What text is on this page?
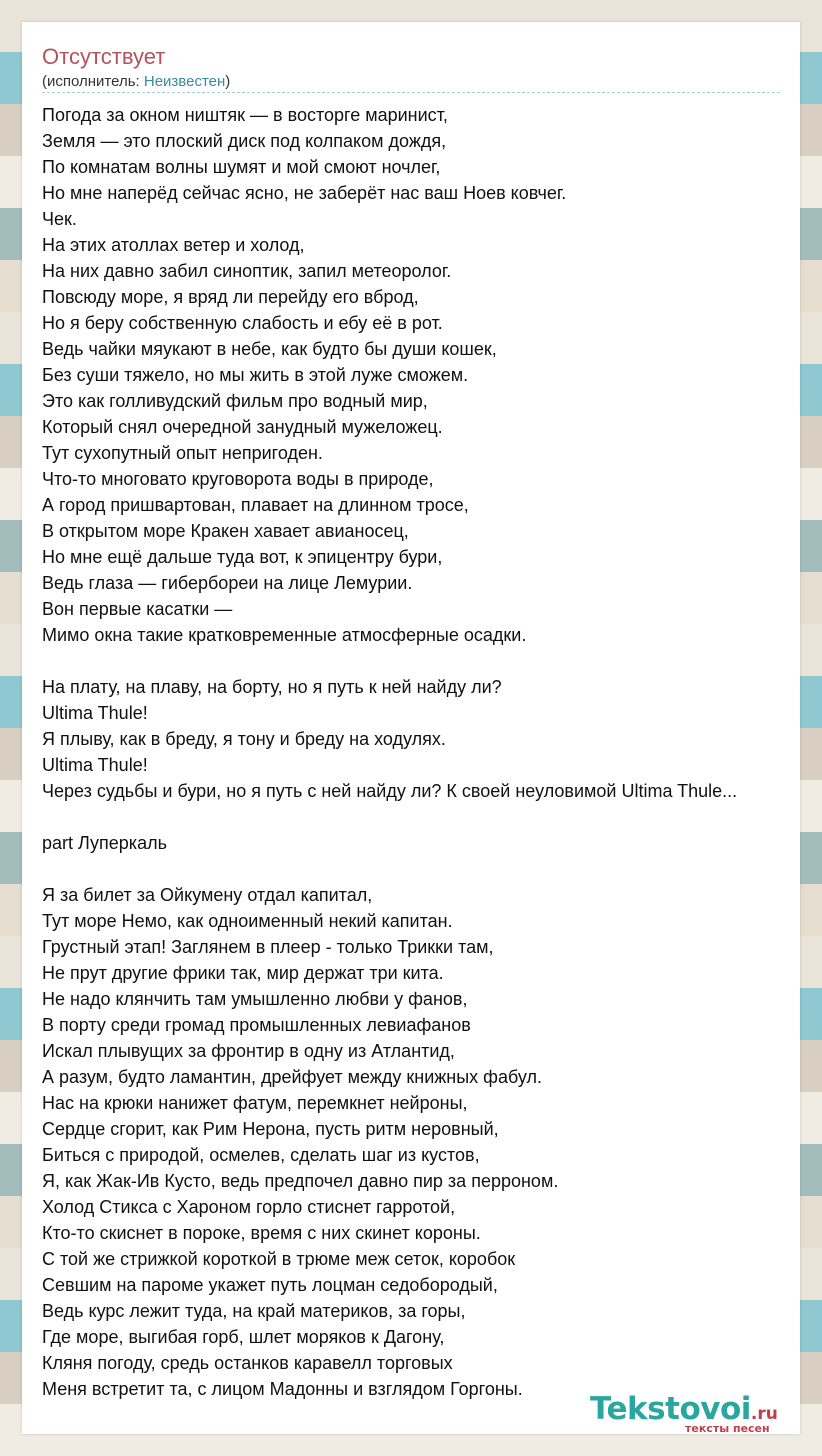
Отсутствует
(исполнитель: Неизвестен)
Погода за окном ништяк — в восторге маринист,
Земля — это плоский диск под колпаком дождя,
По комнатам волны шумят и мой смоют ночлег,
Но мне наперёд сейчас ясно, не заберёт нас ваш Ноев ковчег.
Чек.
На этих атоллах ветер и холод,
На них давно забил синоптик, запил метеоролог.
Повсюду море, я вряд ли перейду его вброд,
Но я беру собственную слабость и ебу её в рот.
Ведь чайки мяукают в небе, как будто бы души кошек,
Без суши тяжело, но мы жить в этой луже сможем.
Это как голливудский фильм про водный мир,
Который снял очередной занудный мужеложец.
Тут сухопутный опыт непригоден.
Что-то многовато круговорота воды в природе,
А город пришвартован, плавает на длинном тросе,
В открытом море Кракен хавает авианосец,
Но мне ещё дальше туда вот, к эпицентру бури,
Ведь глаза — гиберборeи на лице Лемурии.
Вон первые касатки —
Мимо окна такие кратковременные атмосферные осадки.
На плату, на плаву, на борту, но я путь к ней найду ли?
Ultima Thule!
Я плыву, как в бреду, я тону и бреду на ходулях.
Ultima Thule!
Через судьбы и бури, но я путь с ней найду ли? К своей неуловимой Ultima Thule...
part Луперкаль
Я за билет за Ойкумену отдал капитал,
Тут море Немо, как одноименный некий капитан.
Грустный этап! Заглянем в плеер - только Трикки там,
Не прут другие фрики так, мир держат три кита.
Не надо клянчить там умышленно любви у фанов,
В порту среди громад промышленных левиафанов
Искал плывущих за фронтир в одну из Атлантид,
А разум, будто ламантин, дрейфует между книжных фабул.
Нас на крюки нанижет фатум, перемкнет нейроны,
Сердце сгорит, как Рим Нерона, пусть ритм неровный,
Биться с природой, осмелев, сделать шаг из кустов,
Я, как Жак-Ив Кусто, ведь предпочел давно пир за перроном.
Холод Стикса с Хароном горло стиснет гарротой,
Кто-то скиснет в пороке, время с них скинет короны.
С той же стрижкой короткой в трюме меж сеток, коробок
Севшим на пароме укажет путь лоцман седобородый,
Ведь курс лежит туда, на край материков, за горы,
Где море, выгибая горб, шлет моряков к Дагону,
Кляня погоду, средь останков каравелл торговых
Меня встретит та, с лицом Мадонны и взглядом Горгоны.
Tekstovoi.ru
тексты песен
